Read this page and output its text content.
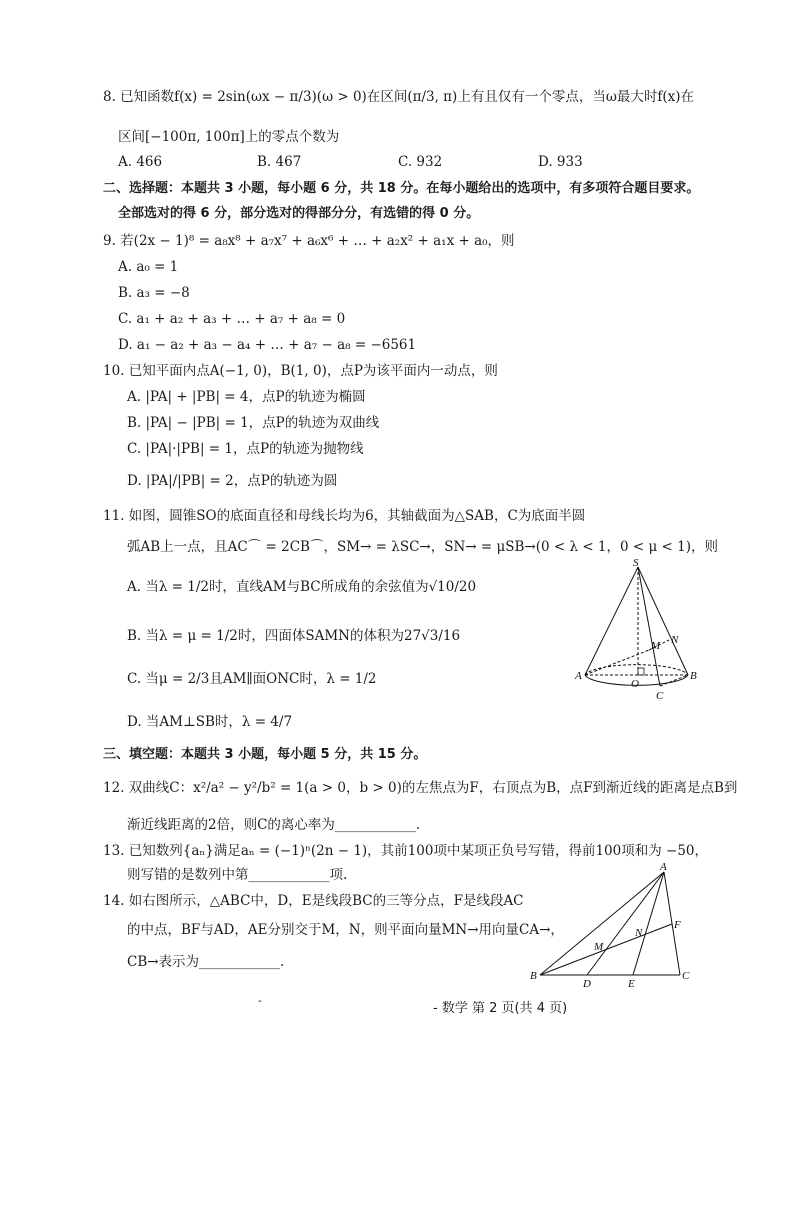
8. 已知函数f(x) = 2sin(ωx − π/3)(ω > 0)在区间(π/3, π)上有且仅有一个零点，当ω最大时f(x)在
区间[−100π, 100π]上的零点个数为
A. 466	B. 467	C. 932	D. 933
二、选择题：本题共 3 小题，每小题 6 分，共 18 分。在每小题给出的选项中，有多项符合题目要求。
全部选对的得 6 分，部分选对的得部分分，有选错的得 0 分。
9. 若(2x − 1)⁸ = a₈x⁸ + a₇x⁷ + a₆x⁶ + … + a₂x² + a₁x + a₀，则
A. a₀ = 1
B. a₃ = −8
C. a₁ + a₂ + a₃ + … + a₇ + a₈ = 0
D. a₁ − a₂ + a₃ − a₄ + … + a₇ − a₈ = −6561
10. 已知平面内点A(−1, 0)，B(1, 0)，点P为该平面内一动点，则
A. |PA| + |PB| = 4，点P的轨迹为椭圆
B. |PA| − |PB| = 1，点P的轨迹为双曲线
C. |PA|·|PB| = 1，点P的轨迹为抛物线
D. |PA|/|PB| = 2，点P的轨迹为圆
11. 如图，圆锥SO的底面直径和母线长均为6，其轴截面为△SAB，C为底面半圆
弧AB上一点，且AC⌒ = 2CB⌒，SM→ = λSC→，SN→ = μSB→(0 < λ < 1，0 < μ < 1)，则
A. 当λ = 1/2时，直线AM与BC所成角的余弦值为√10/20
B. 当λ = μ = 1/2时，四面体SAMN的体积为27√3/16
C. 当μ = 2/3且AM∥面ONC时，λ = 1/2
D. 当AM⊥SB时，λ = 4/7
S
M N
A
O
B
C
三、填空题：本题共 3 小题，每小题 5 分，共 15 分。
12. 双曲线C：x²/a² − y²/b² = 1(a > 0，b > 0)的左焦点为F，右顶点为B，点F到渐近线的距离是点B到
渐近线距离的2倍，则C的离心率为____________.
13. 已知数列{aₙ}满足aₙ = (−1)ⁿ(2n − 1)，其前100项中某项正负号写错，得前100项和为 −50，
则写错的是数列中第____________项.
14. 如右图所示，△ABC中，D，E是线段BC的三等分点，F是线段AC
的中点，BF与AD，AE分别交于M，N，则平面向量MN→用向量CA→，
CB→表示为____________.
A
F
N
M
B
D	E
C
-
- 数学 第 2 页(共 4 页)
